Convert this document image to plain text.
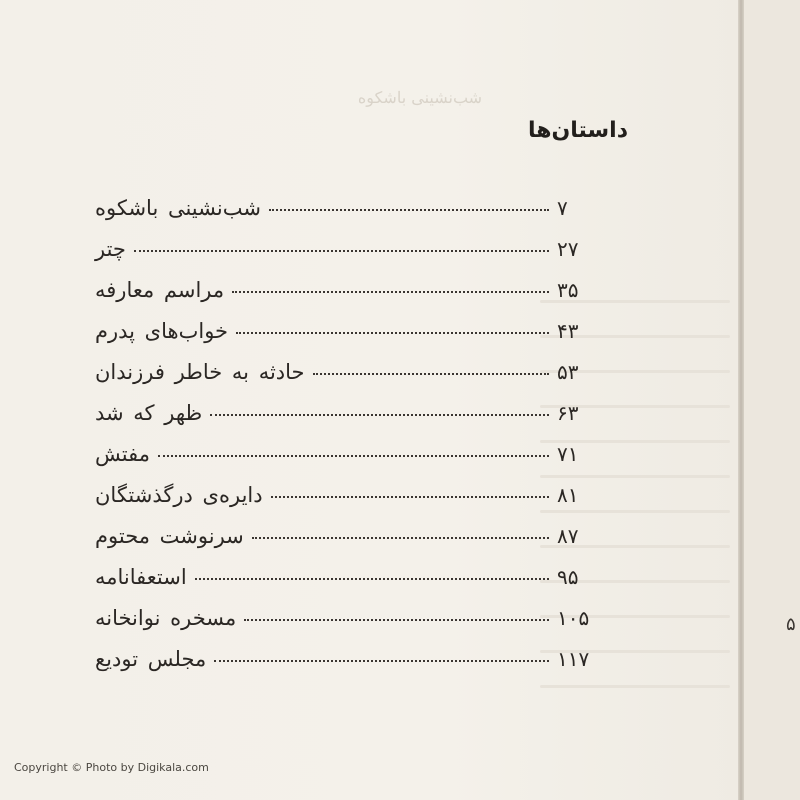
شب‌نشینی باشکوه
داستان‌ها
شب‌نشینی باشکوه	۷
چتر	۲۷
مراسم معارفه	۳۵
خواب‌های پدرم	۴۳
حادثه به خاطر فرزندان	۵۳
ظهر که شد	۶۳
مفتش	۷۱
دایره‌ی درگذشتگان	۸۱
سرنوشت محتوم	۸۷
استعفانامه	۹۵
مسخره نوانخانه	۱۰۵
مجلس تودیع	۱۱۷
Copyright © Photo by Digikala.com
۵
